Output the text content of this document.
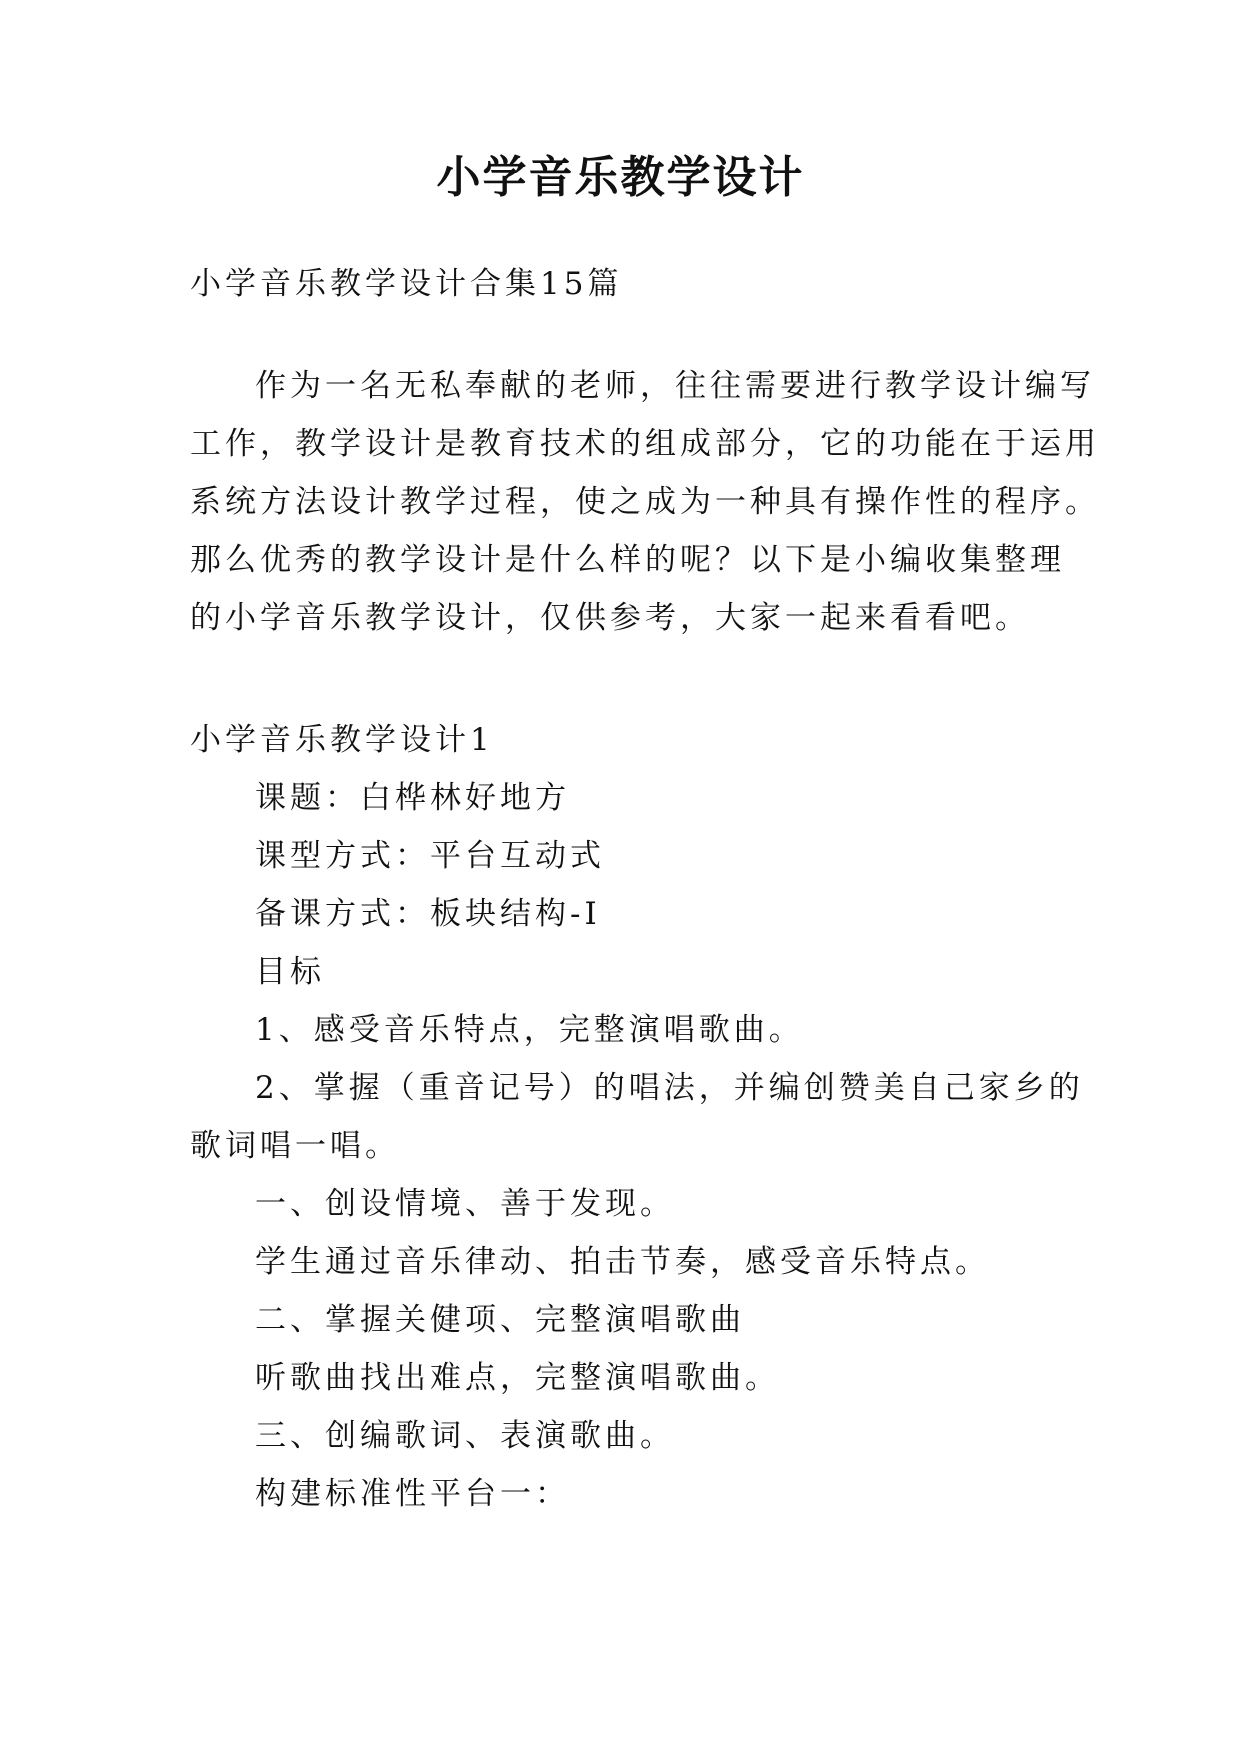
小学音乐教学设计
小学音乐教学设计合集15篇
作为一名无私奉献的老师，往往需要进行教学设计编写
工作，教学设计是教育技术的组成部分，它的功能在于运用
系统方法设计教学过程，使之成为一种具有操作性的程序。
那么优秀的教学设计是什么样的呢？以下是小编收集整理
的小学音乐教学设计，仅供参考，大家一起来看看吧。
小学音乐教学设计1
课题：白桦林好地方
课型方式：平台互动式
备课方式：板块结构-I
目标
1、感受音乐特点，完整演唱歌曲。
2、掌握（重音记号）的唱法，并编创赞美自己家乡的
歌词唱一唱。
一、创设情境、善于发现。
学生通过音乐律动、拍击节奏，感受音乐特点。
二、掌握关健项、完整演唱歌曲
听歌曲找出难点，完整演唱歌曲。
三、创编歌词、表演歌曲。
构建标准性平台一：
